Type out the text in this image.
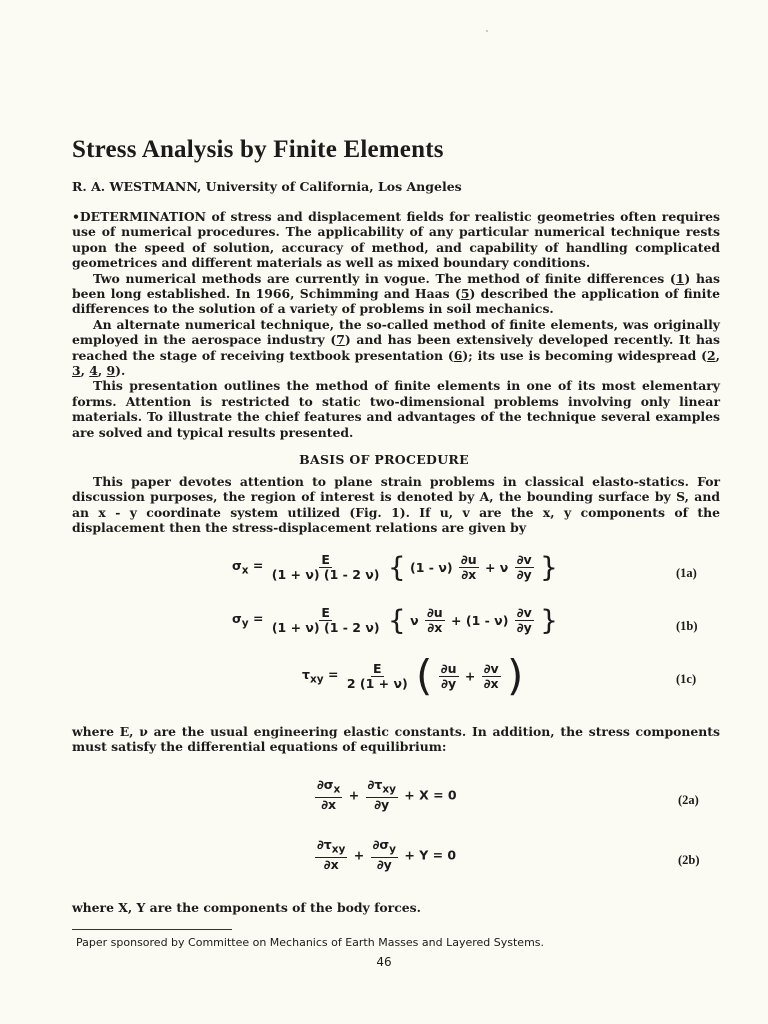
Stress Analysis by Finite Elements
R. A. WESTMANN, University of California, Los Angeles

•DETERMINATION of stress and displacement fields for realistic geometries often requires use of numerical procedures. The applicability of any particular numerical technique rests upon the speed of solution, accuracy of method, and capability of handling complicated geometrices and different materials as well as mixed boundary conditions.

Two numerical methods are currently in vogue. The method of finite differences (1) has been long established. In 1966, Schimming and Haas (5) described the application of finite differences to the solution of a variety of problems in soil mechanics.

An alternate numerical technique, the so-called method of finite elements, was originally employed in the aerospace industry (7) and has been extensively developed recently. It has reached the stage of receiving textbook presentation (6); its use is becoming widespread (2, 3, 4, 9).

This presentation outlines the method of finite elements in one of its most elementary forms. Attention is restricted to static two-dimensional problems involving only linear materials. To illustrate the chief features and advantages of the technique several examples are solved and typical results presented.

BASIS OF PROCEDURE

This paper devotes attention to plane strain problems in classical elasto-statics. For discussion purposes, the region of interest is denoted by A, the bounding surface by S, and an x - y coordinate system utilized (Fig. 1). If u, v are the x, y components of the displacement then the stress-displacement relations are given by

$\sigma_x = \frac{E}{(1 + \nu) (1 - 2 \nu)}$ { $(1 - \nu) \frac{\partial u}{\partial x} + \nu \frac{\partial v}{\partial y}$ }	(1a)
$\sigma_y = \frac{E}{(1 + \nu) (1 - 2 \nu)}$ { ν $\frac{\partial u}{\partial x} + (1 - \nu) \frac{\partial v}{\partial y}$ }	(1b)
$\tau_{xy} = \frac{E}{2 (1 + \nu)}$ ( $\frac{\partial u}{\partial y} + \frac{\partial v}{\partial x}$ )	(1c)

where E, ν are the usual engineering elastic constants. In addition, the stress components must satisfy the differential equations of equilibrium:

$\frac{\partial\sigma_x}{\partial x} + \frac{\partial\tau_{xy}}{\partial y} + X = 0$	(2a)
$\frac{\partial\tau_{xy}}{\partial x} + \frac{\partial\sigma_y}{\partial y} + Y = 0$	(2b)

where X, Y are the components of the body forces.

Paper sponsored by Committee on Mechanics of Earth Masses and Layered Systems.
46
